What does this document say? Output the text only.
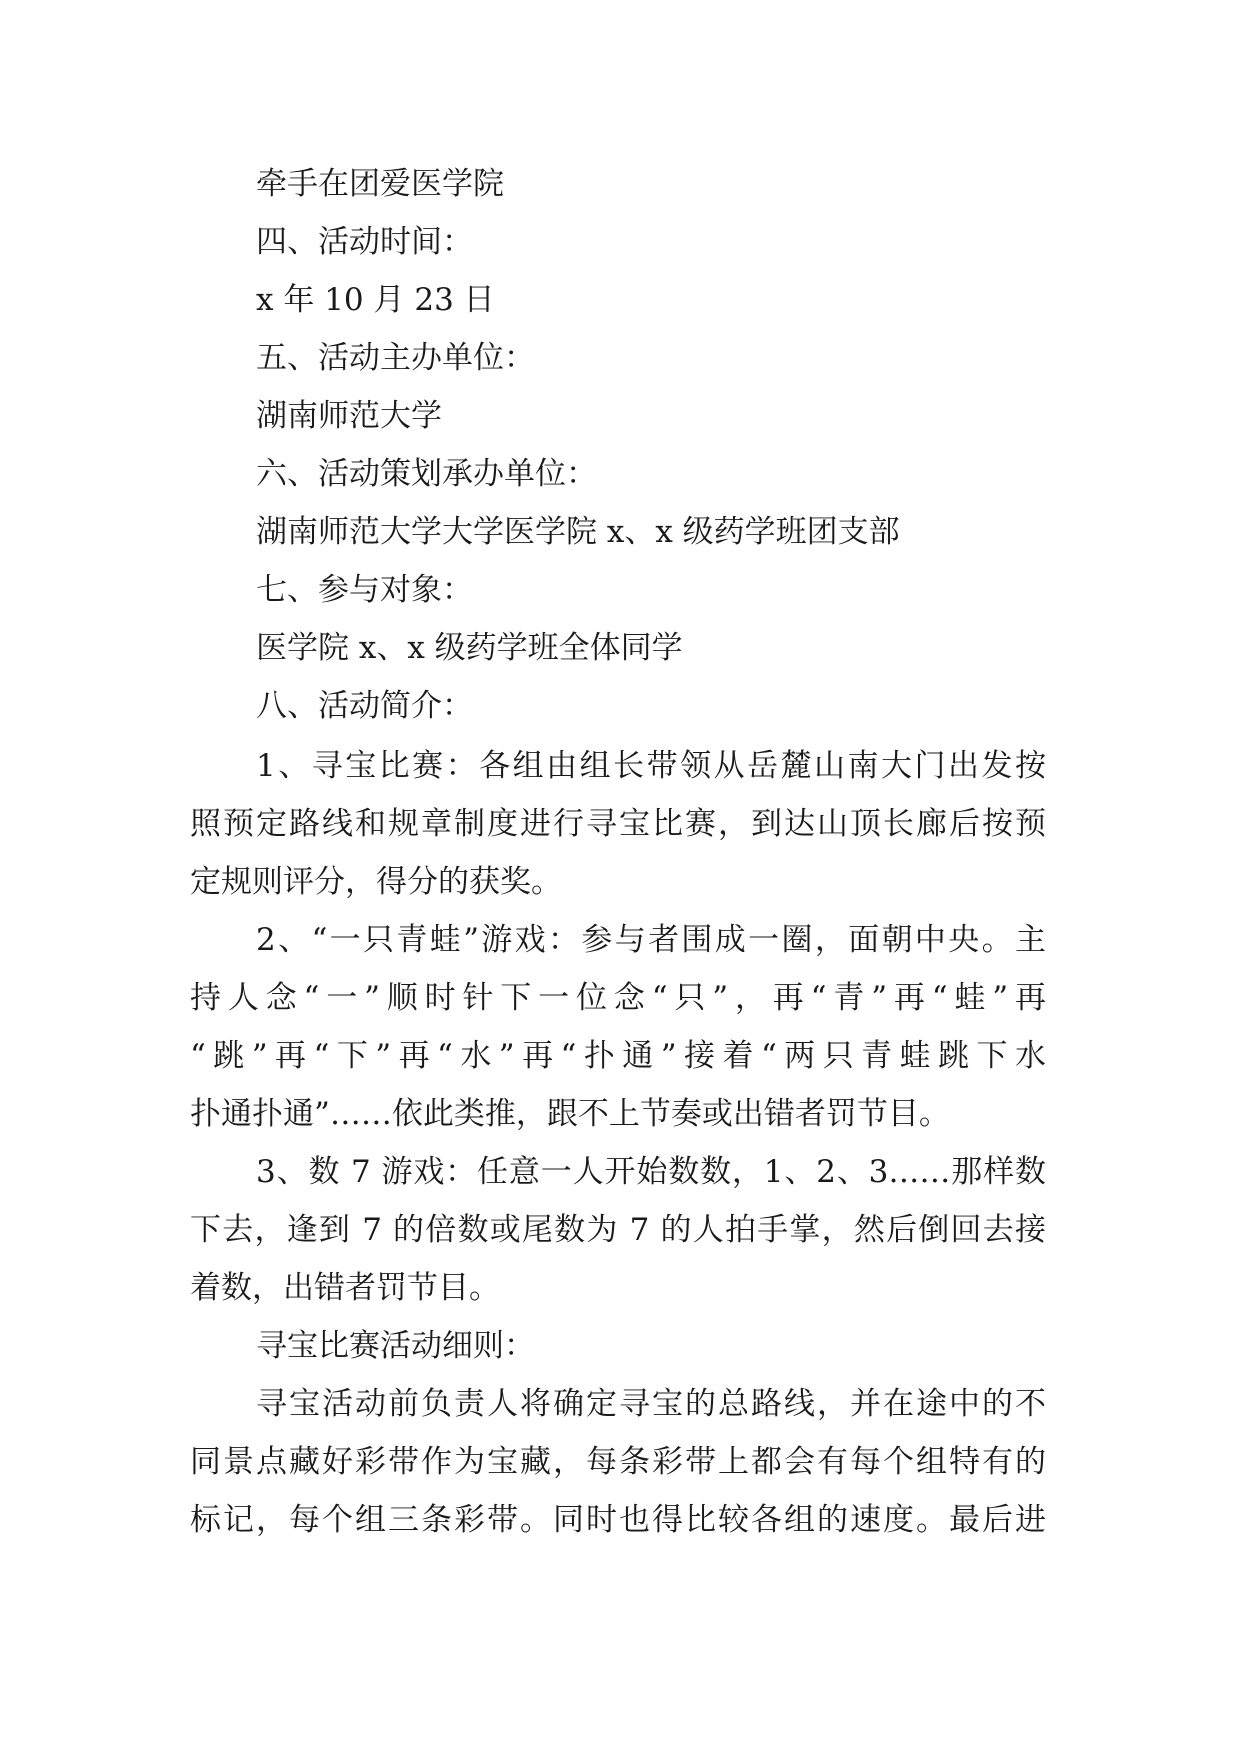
牵手在团爱医学院

四、活动时间：

x 年 10 月 23 日

五、活动主办单位：

湖南师范大学

六、活动策划承办单位：

湖南师范大学大学医学院 x、x 级药学班团支部

七、参与对象：

医学院 x、x 级药学班全体同学

八、活动简介：

1、寻宝比赛：各组由组长带领从岳麓山南大门出发按

照预定路线和规章制度进行寻宝比赛，到达山顶长廊后按预

定规则评分，得分的获奖。

2、“一只青蛙”游戏：参与者围成一圈，面朝中央。主

持人念“一”顺时针下一位念“只”，再“青”再“蛙”再

“跳”再“下”再“水”再“扑通”接着“两只青蛙跳下水

扑通扑通”……依此类推，跟不上节奏或出错者罚节目。

3、数 7 游戏：任意一人开始数数，1、2、3……那样数

下去，逢到 7 的倍数或尾数为 7 的人拍手掌，然后倒回去接

着数，出错者罚节目。

寻宝比赛活动细则：

寻宝活动前负责人将确定寻宝的总路线，并在途中的不

同景点藏好彩带作为宝藏，每条彩带上都会有每个组特有的

标记，每个组三条彩带。同时也得比较各组的速度。最后进
